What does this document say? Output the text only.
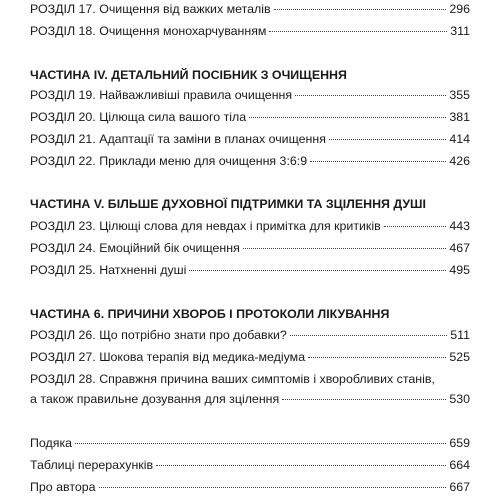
РОЗДІЛ 17. Очищення від важких металів	296
РОЗДІЛ 18. Очищення монохарчуванням	311
ЧАСТИНА IV. ДЕТАЛЬНИЙ ПОСІБНИК З ОЧИЩЕННЯ
РОЗДІЛ 19. Найважливіші правила очищення	355
РОЗДІЛ 20. Цілюща сила вашого тіла	381
РОЗДІЛ 21. Адаптації та заміни в планах очищення	414
РОЗДІЛ 22. Приклади меню для очищення 3:6:9	426
ЧАСТИНА V. БІЛЬШЕ ДУХОВНОЇ ПІДТРИМКИ ТА ЗЦІЛЕННЯ ДУШІ
РОЗДІЛ 23. Цілющі слова для невдах і примітка для критиків	443
РОЗДІЛ 24. Емоційний бік очищення	467
РОЗДІЛ 25. Натхненні душі	495
ЧАСТИНА 6. ПРИЧИНИ ХВОРОБ І ПРОТОКОЛИ ЛІКУВАННЯ
РОЗДІЛ 26. Що потрібно знати про добавки?	511
РОЗДІЛ 27. Шокова терапія від медика-медіума	525
РОЗДІЛ 28. Справжня причина ваших симптомів і хворобливих станів,
а також правильне дозування для зцілення	530
Подяка	659
Таблиці перерахунків	664
Про автора	667
